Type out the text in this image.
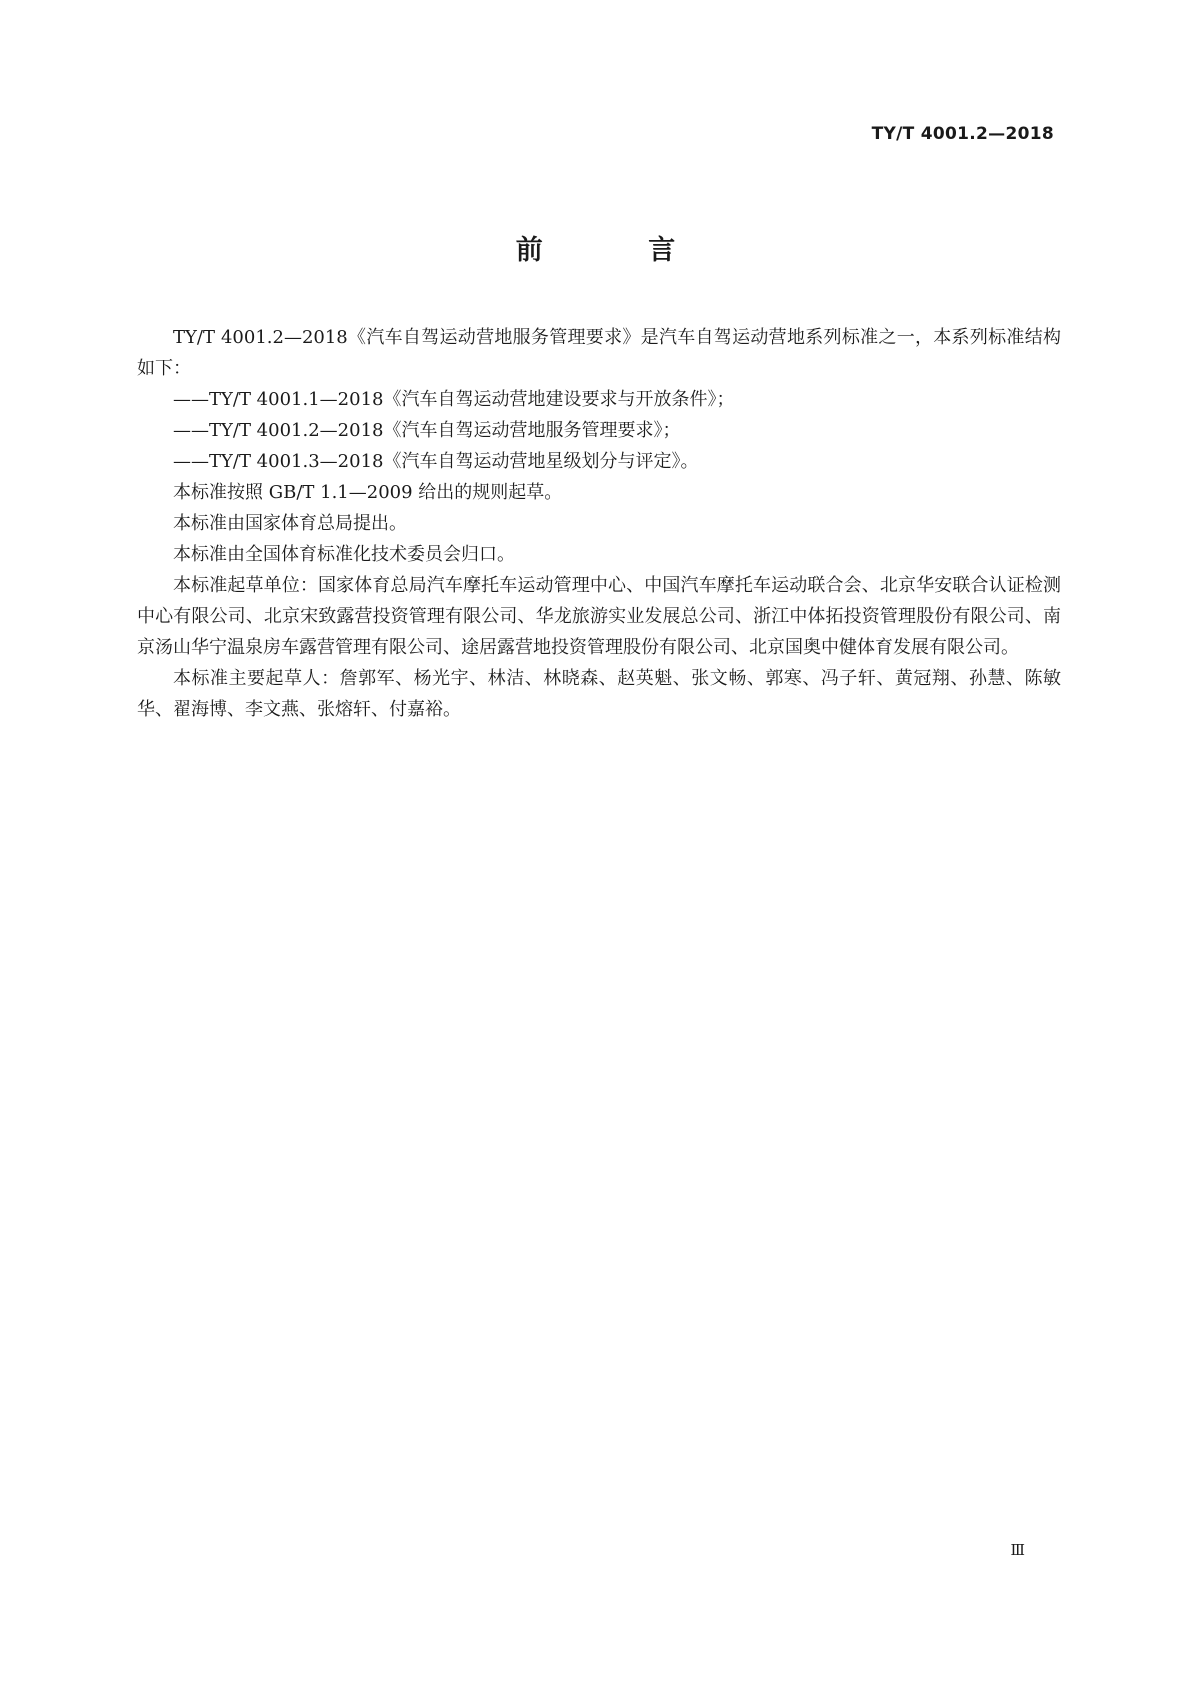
TY/T 4001.2—2018
前 言

TY/T 4001.2—2018《汽车自驾运动营地服务管理要求》是汽车自驾运动营地系列标准之一，本系列标准结构如下：

——TY/T 4001.1—2018《汽车自驾运动营地建设要求与开放条件》；

——TY/T 4001.2—2018《汽车自驾运动营地服务管理要求》；

——TY/T 4001.3—2018《汽车自驾运动营地星级划分与评定》。

本标准按照 GB/T 1.1—2009 给出的规则起草。

本标准由国家体育总局提出。

本标准由全国体育标准化技术委员会归口。

本标准起草单位：国家体育总局汽车摩托车运动管理中心、中国汽车摩托车运动联合会、北京华安联合认证检测中心有限公司、北京宋致露营投资管理有限公司、华龙旅游实业发展总公司、浙江中体拓投资管理股份有限公司、南京汤山华宁温泉房车露营管理有限公司、途居露营地投资管理股份有限公司、北京国奥中健体育发展有限公司。

本标准主要起草人：詹郭军、杨光宇、林洁、林晓森、赵英魁、张文畅、郭寒、冯子轩、黄冠翔、孙慧、陈敏华、翟海博、李文燕、张熔轩、付嘉裕。

Ⅲ
